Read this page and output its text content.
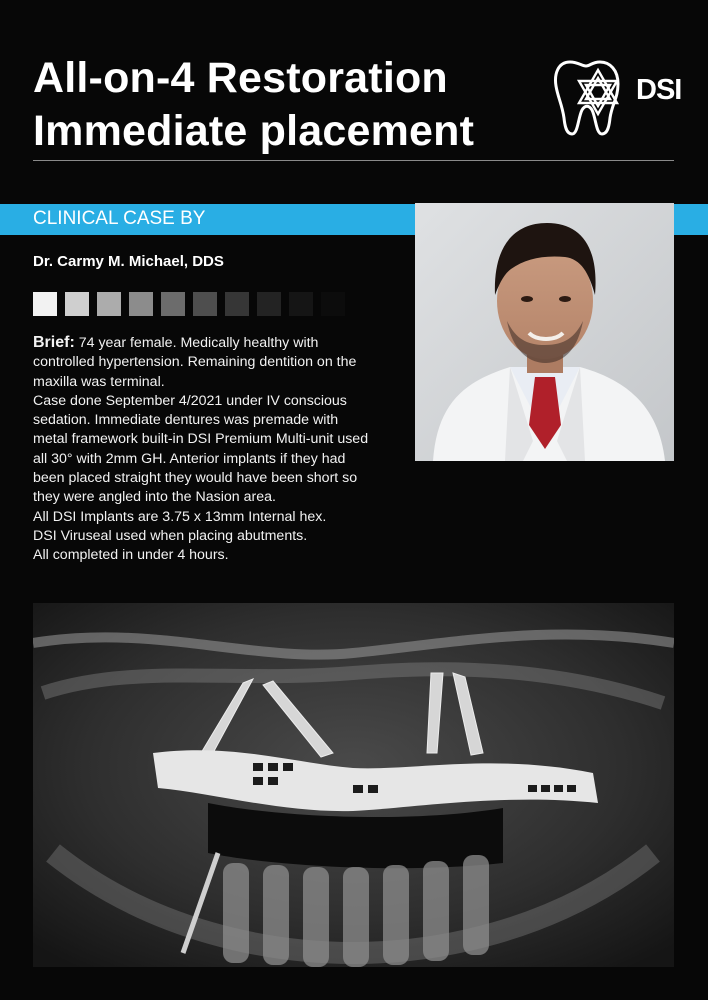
All-on-4 Restoration
Immediate placement
DSI
CLINICAL CASE BY
Dr. Carmy M. Michael, DDS

Brief: 74 year female. Medically healthy with controlled hypertension. Remaining dentition on the maxilla was terminal.

Case done September 4/2021 under IV conscious sedation. Immediate dentures was premade with metal framework built-in DSI Premium Multi-unit used all 30° with 2mm GH. Anterior implants if they had been placed straight they would have been short so they were angled into the Nasion area.

All DSI Implants are 3.75 x 13mm Internal hex.

DSI Viruseal used when placing abutments.

All completed in under 4 hours.
